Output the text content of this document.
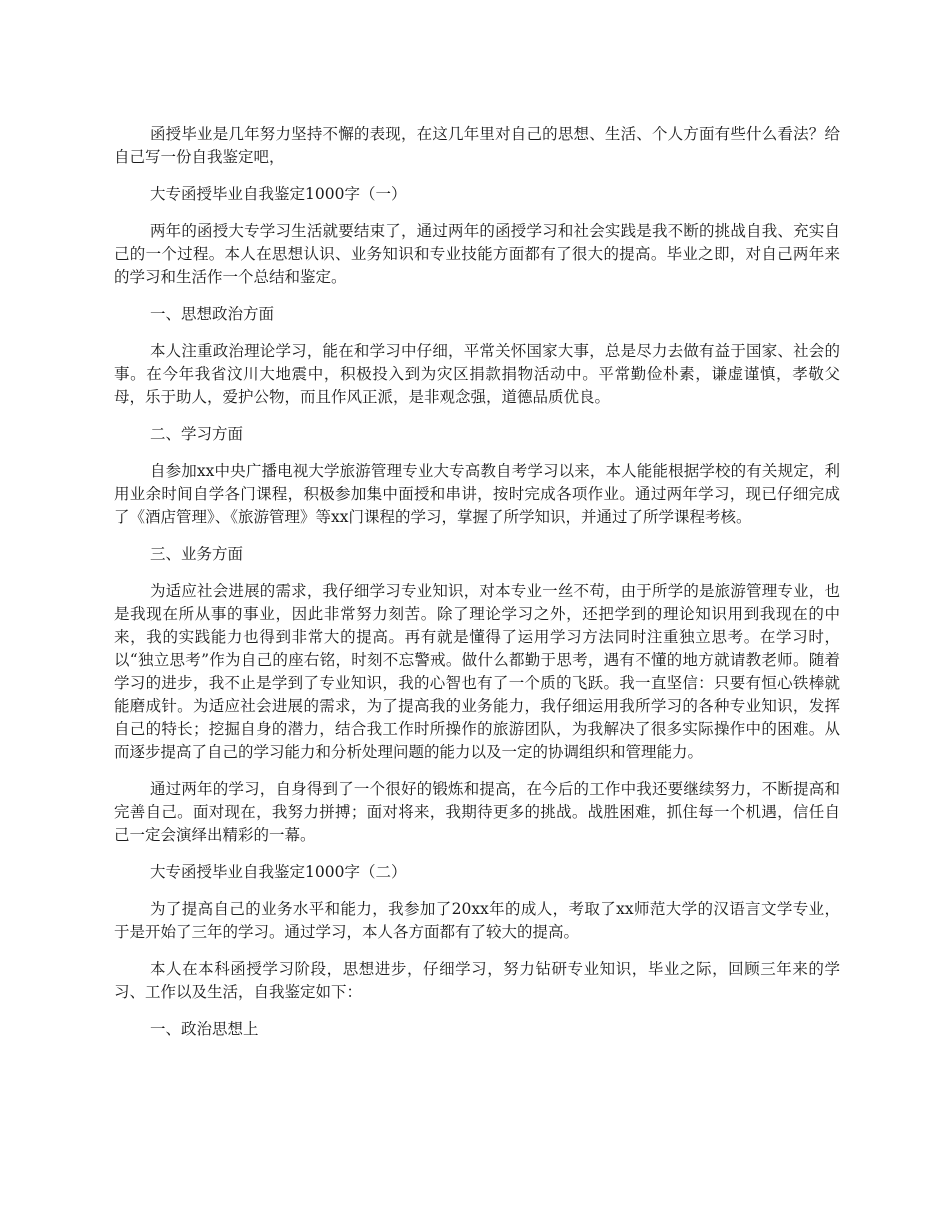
函授毕业是几年努力坚持不懈的表现，在这几年里对自己的思想、生活、个人方面有些什么看法？给自己写一份自我鉴定吧，

大专函授毕业自我鉴定1000字（一）

两年的函授大专学习生活就要结束了，通过两年的函授学习和社会实践是我不断的挑战自我、充实自己的一个过程。本人在思想认识、业务知识和专业技能方面都有了很大的提高。毕业之即，对自己两年来的学习和生活作一个总结和鉴定。

一、思想政治方面

本人注重政治理论学习，能在和学习中仔细，平常关怀国家大事，总是尽力去做有益于国家、社会的事。在今年我省汶川大地震中，积极投入到为灾区捐款捐物活动中。平常勤俭朴素，谦虚谨慎，孝敬父母，乐于助人，爱护公物，而且作风正派，是非观念强，道德品质优良。

二、学习方面

自参加xx中央广播电视大学旅游管理专业大专高教自考学习以来，本人能能根据学校的有关规定，利用业余时间自学各门课程，积极参加集中面授和串讲，按时完成各项作业。通过两年学习，现已仔细完成了《酒店管理》、《旅游管理》等xx门课程的学习，掌握了所学知识，并通过了所学课程考核。

三、业务方面

为适应社会进展的需求，我仔细学习专业知识，对本专业一丝不苟，由于所学的是旅游管理专业，也是我现在所从事的事业，因此非常努力刻苦。除了理论学习之外，还把学到的理论知识用到我现在的中来，我的实践能力也得到非常大的提高。再有就是懂得了运用学习方法同时注重独立思考。在学习时，以“独立思考”作为自己的座右铭，时刻不忘警戒。做什么都勤于思考，遇有不懂的地方就请教老师。随着学习的进步，我不止是学到了专业知识，我的心智也有了一个质的飞跃。我一直坚信：只要有恒心铁棒就能磨成针。为适应社会进展的需求，为了提高我的业务能力，我仔细运用我所学习的各种专业知识，发挥自己的特长；挖掘自身的潜力，结合我工作时所操作的旅游团队，为我解决了很多实际操作中的困难。从而逐步提高了自己的学习能力和分析处理问题的能力以及一定的协调组织和管理能力。

通过两年的学习，自身得到了一个很好的锻炼和提高，在今后的工作中我还要继续努力，不断提高和完善自己。面对现在，我努力拼搏；面对将来，我期待更多的挑战。战胜困难，抓住每一个机遇，信任自己一定会演绎出精彩的一幕。

大专函授毕业自我鉴定1000字（二）

为了提高自己的业务水平和能力，我参加了20xx年的成人，考取了xx师范大学的汉语言文学专业，于是开始了三年的学习。通过学习，本人各方面都有了较大的提高。

本人在本科函授学习阶段，思想进步，仔细学习，努力钻研专业知识，毕业之际，回顾三年来的学习、工作以及生活，自我鉴定如下：

一、政治思想上
